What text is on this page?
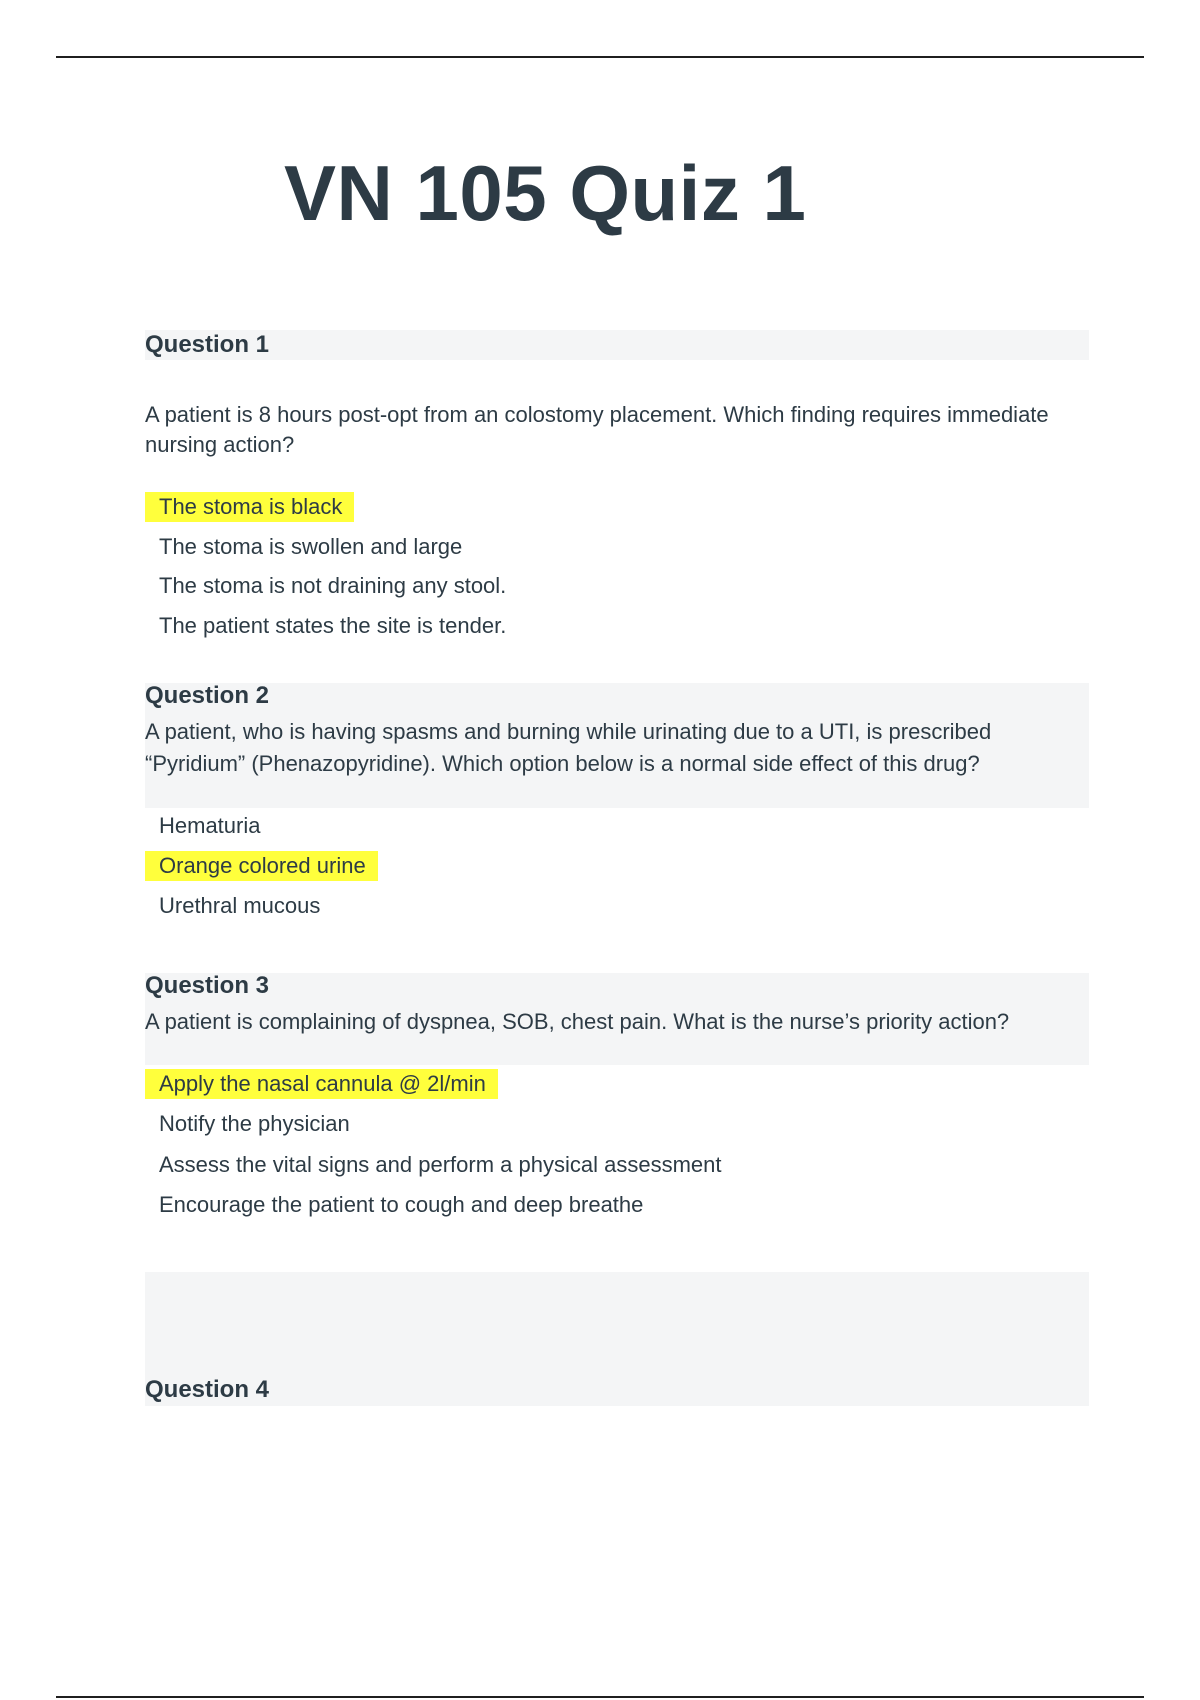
VN 105 Quiz 1
Question 1

A patient is 8 hours post-opt from an colostomy placement. Which finding requires immediate nursing action?

The stoma is black
The stoma is swollen and large
The stoma is not draining any stool.
The patient states the site is tender.
Question 2

A patient, who is having spasms and burning while urinating due to a UTI, is prescribed “Pyridium” (Phenazopyridine). Which option below is a normal side effect of this drug?

Hematuria
Orange colored urine
Urethral mucous
Question 3

A patient is complaining of dyspnea, SOB, chest pain. What is the nurse’s priority action?

Apply the nasal cannula @ 2l/min
Notify the physician
Assess the vital signs and perform a physical assessment
Encourage the patient to cough and deep breathe
Question 4
